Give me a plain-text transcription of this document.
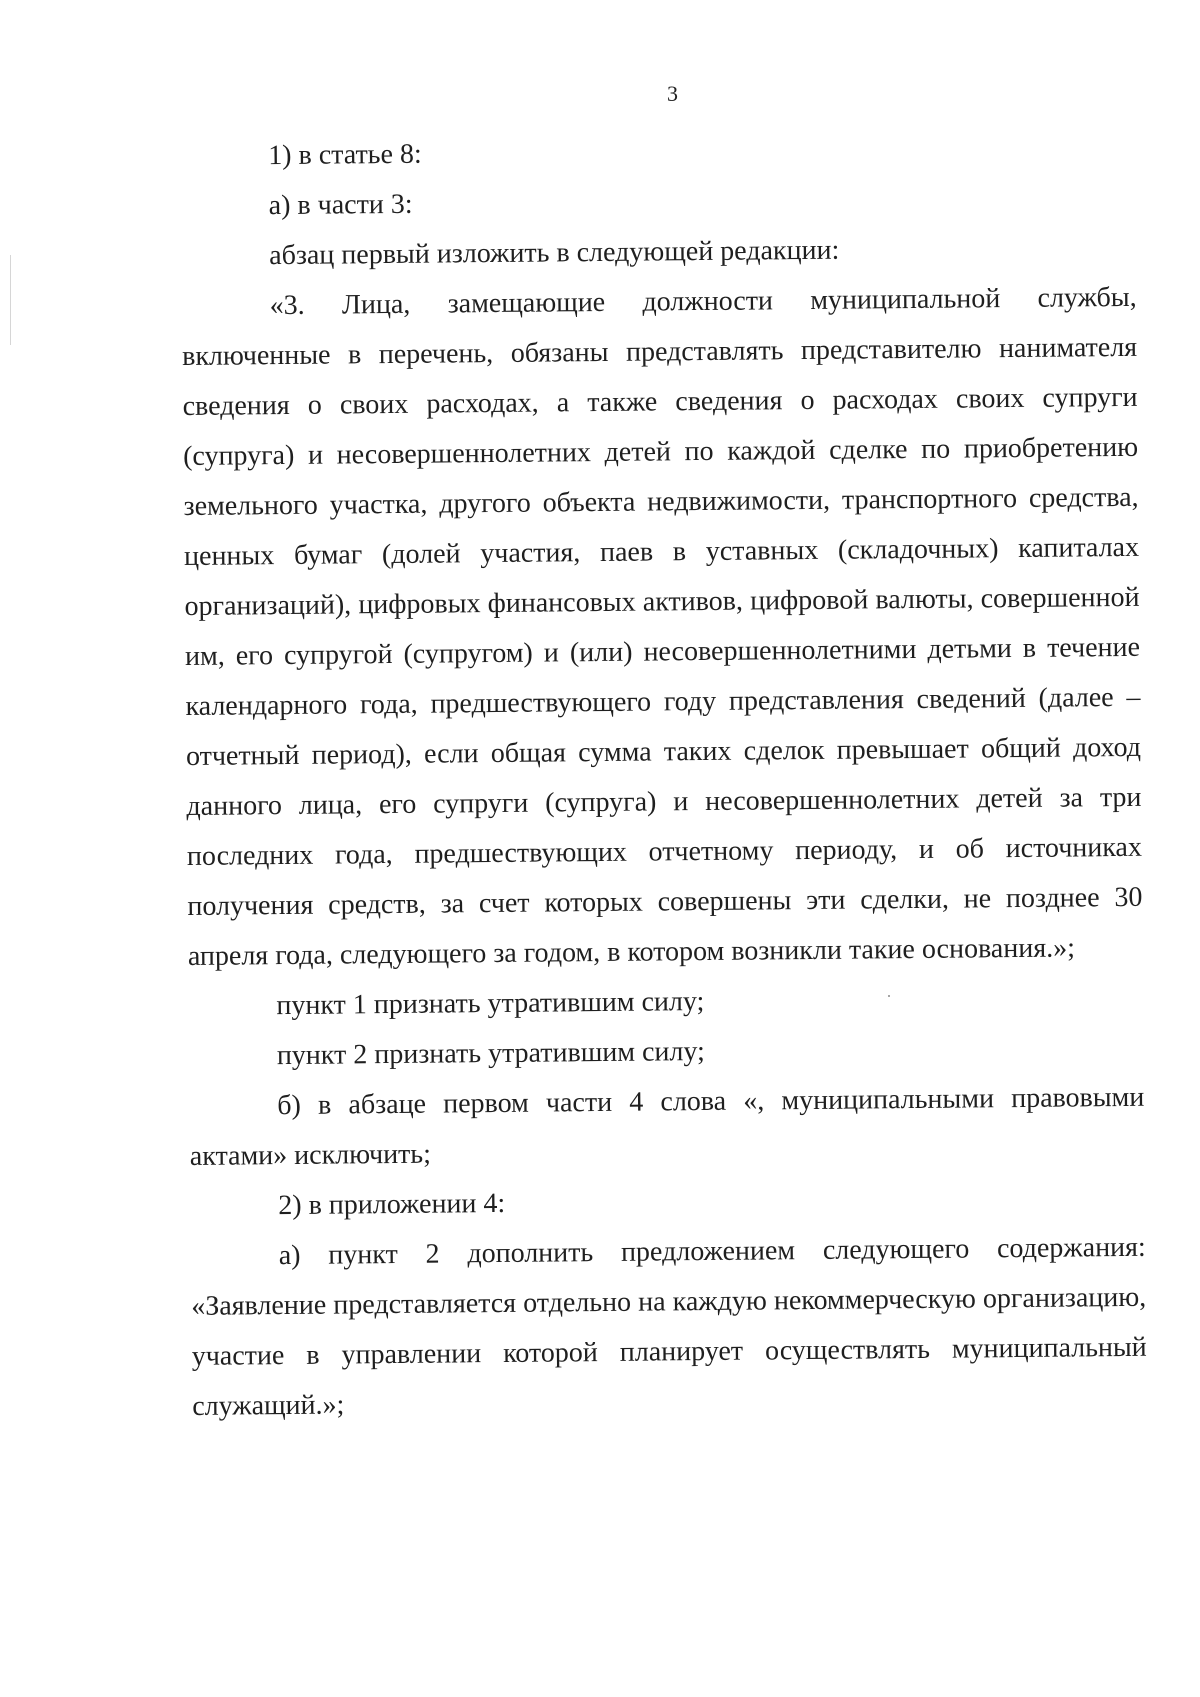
3

1) в статье 8:

а) в части 3:

абзац первый изложить в следующей редакции:

«3. Лица, замещающие должности муниципальной службы, включенные в перечень, обязаны представлять представителю нанимателя сведения о своих расходах, а также сведения о расходах своих супруги (супруга) и несовершеннолетних детей по каждой сделке по приобретению земельного участка, другого объекта недвижимости, транспортного средства, ценных бумаг (долей участия, паев в уставных (складочных) капиталах организаций), цифровых финансовых активов, цифровой валюты, совершенной им, его супругой (супругом) и (или) несовершеннолетними детьми в течение календарного года, предшествующего году представления сведений (далее – отчетный период), если общая сумма таких сделок превышает общий доход данного лица, его супруги (супруга) и несовершеннолетних детей за три последних года, предшествующих отчетному периоду, и об источниках получения средств, за счет которых совершены эти сделки, не позднее 30 апреля года, следующего за годом, в котором возникли такие основания.»;

пункт 1 признать утратившим силу;

пункт 2 признать утратившим силу;

б) в абзаце первом части 4 слова «, муниципальными правовыми актами» исключить;

2) в приложении 4:

а) пункт 2 дополнить предложением следующего содержания: «Заявление представляется отдельно на каждую некоммерческую организацию, участие в управлении которой планирует осуществлять муниципальный служащий.»;
